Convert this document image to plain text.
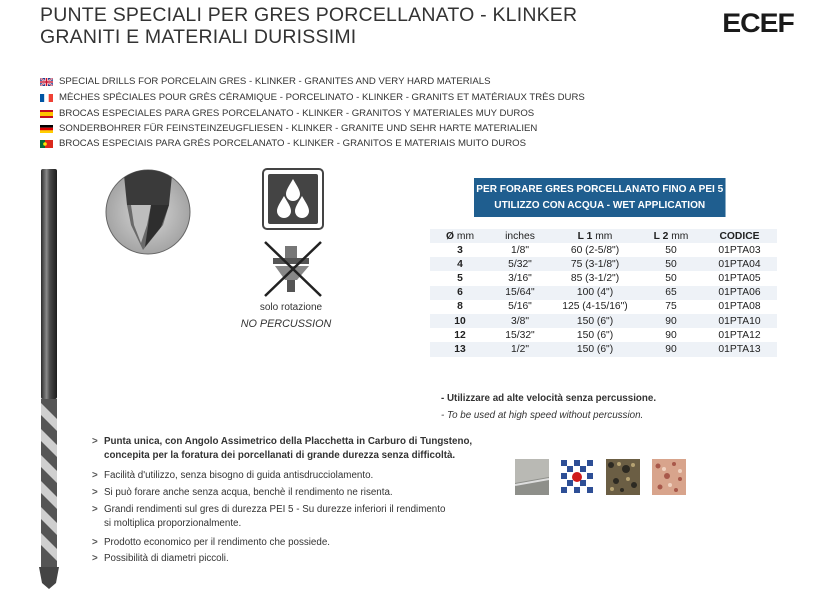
PUNTE SPECIALI PER GRES PORCELLANATO - KLINKER
GRANITI E MATERIALI DURISSIMI	ECEF
SPECIAL DRILLS FOR PORCELAIN GRES - KLINKER - GRANITES AND VERY HARD MATERIALS
MÈCHES SPÉCIALES POUR GRÈS CÉRAMIQUE - PORCELINATO - KLINKER - GRANITS ET MATÉRIAUX TRÈS DURS
BROCAS ESPECIALES PARA GRES PORCELANATO - KLINKER - GRANITOS Y MATERIALES MUY DUROS
SONDERBOHRER FÜR FEINSTEINZEUGFLIESEN - KLINKER - GRANITE UND SEHR HARTE MATERIALIEN
BROCAS ESPECIAIS PARA GRÉS PORCELANATO - KLINKER - GRANITOS E MATERIAIS MUITO DUROS
solo rotazione
NO PERCUSSION
PER FORARE GRES PORCELLANATO FINO A PEI 5
UTILIZZO CON ACQUA - WET APPLICATION
Ø mm	inches	L 1 mm	L 2 mm	CODICE
3	1/8"	60 (2-5/8")	50	01PTA03
4	5/32"	75 (3-1/8")	50	01PTA04
5	3/16"	85 (3-1/2")	50	01PTA05
6	15/64"	100 (4")	65	01PTA06
8	5/16"	125 (4-15/16")	75	01PTA08
10	3/8"	150 (6")	90	01PTA10
12	15/32"	150 (6")	90	01PTA12
13	1/2"	150 (6")	90	01PTA13
- Utilizzare ad alte velocità senza percussione.
- To be used at high speed without percussion.
> Punta unica, con Angolo Assimetrico della Placchetta in Carburo di Tungsteno,
concepita per la foratura dei porcellanati di grande durezza senza difficoltà.
> Facilità d'utilizzo, senza bisogno di guida antisdrucciolamento.
> Si può forare anche senza acqua, benchè il rendimento ne risenta.
> Grandi rendimenti sul gres di durezza PEI 5 - Su durezze inferiori il rendimento
si moltiplica proporzionalmente.
> Prodotto economico per il rendimento che possiede.
> Possibilità di diametri piccoli.
